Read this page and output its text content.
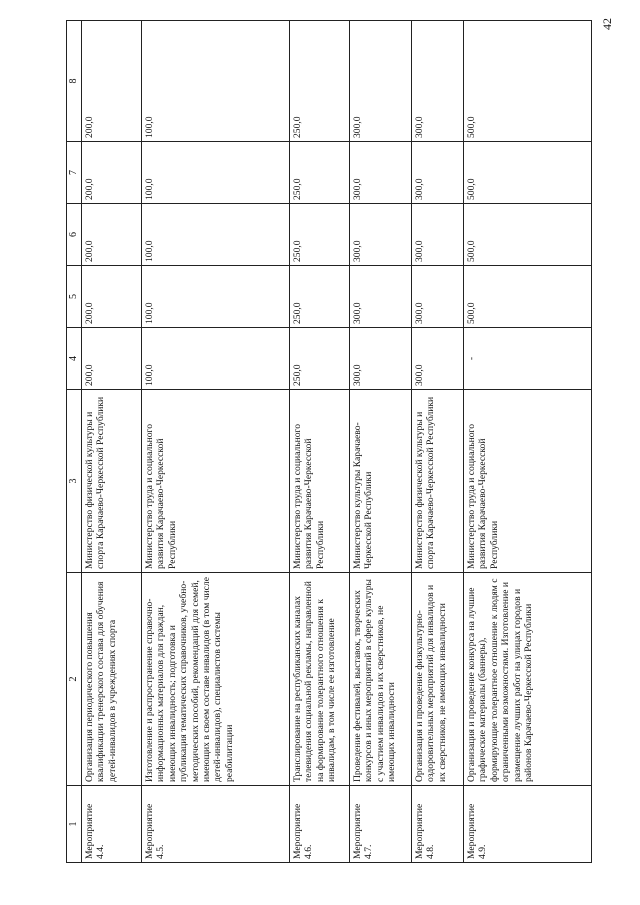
42
1	2	3	4	5	6	7	8
Мероприятие 4.4.	Организация периодического повышения квалификации тренерского состава для обучения детей-инвалидов в учреждениях спорта	Министерство физической культуры и спорта Карачаево-Черкесской Республики	200,0	200,0	200,0	200,0	200,0
Мероприятие 4.5.	Изготовление и распространение справочно-информационных материалов для граждан, имеющих инвалидность; подготовка и публикация тематических справочников, учебно-методических пособий, рекомендаций для семей, имеющих в своем составе инвалидов (в том числе детей-инвалидов), специалистов системы реабилитации	Министерство труда и социального развития Карачаево-Черкесской Республики	100,0	100,0	100,0	100,0	100,0
Мероприятие 4.6.	Транслирование на республиканских каналах телевидения социальной рекламы, направленной на формирование толерантного отношения к инвалидам, в том числе ее изготовление	Министерство труда и социального развития Карачаево-Черкесской Республики	250,0	250,0	250,0	250,0	250,0
Мероприятие 4.7.	Проведение фестивалей, выставок, творческих конкурсов и иных мероприятий в сфере культуры с участием инвалидов и их сверстников, не имеющих инвалидности	Министерство культуры Карачаево-Черкесской Республики	300,0	300,0	300,0	300,0	300,0
Мероприятие 4.8.	Организация и проведение физкультурно-оздоровительных мероприятий для инвалидов и их сверстников, не имеющих инвалидности	Министерство физической культуры и спорта Карачаево-Черкесской Республики	300,0	300,0	300,0	300,0	300,0
Мероприятие 4.9.	Организация и проведение конкурса на лучшие графические материалы (баннеры), формирующие толерантное отношение к людям с ограниченными возможностями. Изготовление и размещение лучших работ на улицах городов и районов Карачаево-Черкесской Республики	Министерство труда и социального развития Карачаево-Черкесской Республики	-	500,0	500,0	500,0	500,0
